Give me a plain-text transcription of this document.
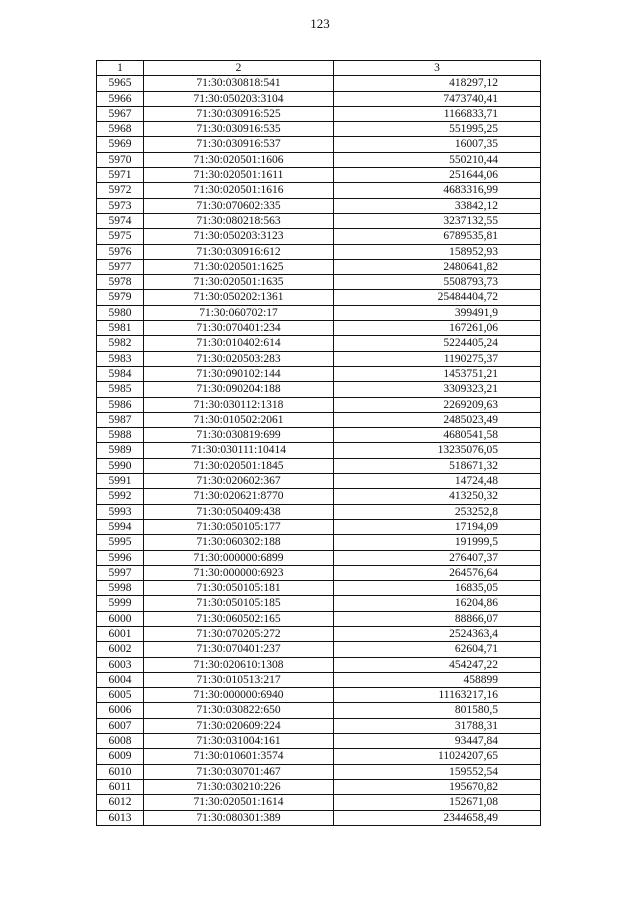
123
1	2	3
5965	71:30:030818:541	418297,12
5966	71:30:050203:3104	7473740,41
5967	71:30:030916:525	1166833,71
5968	71:30:030916:535	551995,25
5969	71:30:030916:537	16007,35
5970	71:30:020501:1606	550210,44
5971	71:30:020501:1611	251644,06
5972	71:30:020501:1616	4683316,99
5973	71:30:070602:335	33842,12
5974	71:30:080218:563	3237132,55
5975	71:30:050203:3123	6789535,81
5976	71:30:030916:612	158952,93
5977	71:30:020501:1625	2480641,82
5978	71:30:020501:1635	5508793,73
5979	71:30:050202:1361	25484404,72
5980	71:30:060702:17	399491,9
5981	71:30:070401:234	167261,06
5982	71:30:010402:614	5224405,24
5983	71:30:020503:283	1190275,37
5984	71:30:090102:144	1453751,21
5985	71:30:090204:188	3309323,21
5986	71:30:030112:1318	2269209,63
5987	71:30:010502:2061	2485023,49
5988	71:30:030819:699	4680541,58
5989	71:30:030111:10414	13235076,05
5990	71:30:020501:1845	518671,32
5991	71:30:020602:367	14724,48
5992	71:30:020621:8770	413250,32
5993	71:30:050409:438	253252,8
5994	71:30:050105:177	17194,09
5995	71:30:060302:188	191999,5
5996	71:30:000000:6899	276407,37
5997	71:30:000000:6923	264576,64
5998	71:30:050105:181	16835,05
5999	71:30:050105:185	16204,86
6000	71:30:060502:165	88866,07
6001	71:30:070205:272	2524363,4
6002	71:30:070401:237	62604,71
6003	71:30:020610:1308	454247,22
6004	71:30:010513:217	458899
6005	71:30:000000:6940	11163217,16
6006	71:30:030822:650	801580,5
6007	71:30:020609:224	31788,31
6008	71:30:031004:161	93447,84
6009	71:30:010601:3574	11024207,65
6010	71:30:030701:467	159552,54
6011	71:30:030210:226	195670,82
6012	71:30:020501:1614	152671,08
6013	71:30:080301:389	2344658,49
